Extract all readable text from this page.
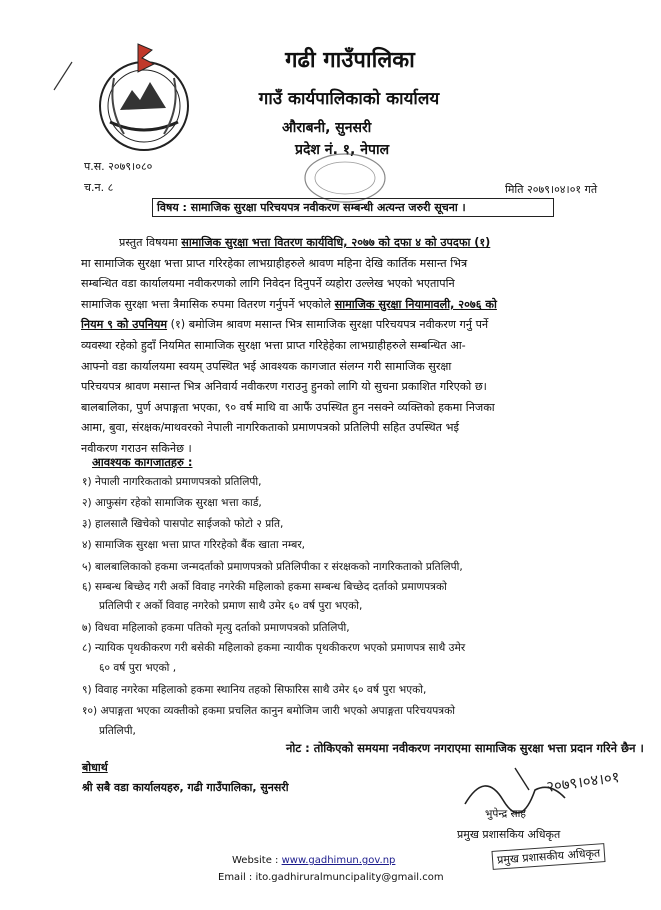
गढी गाउँपालिका
गाउँ कार्यपालिकाको कार्यालय
औराबनी, सुनसरी
प्रदेश नं. १, नेपाल
प.स. २०७९।०८०
च.न. ८	मिति २०७९।०४।०१ गते
विषय : सामाजिक सुरक्षा परिचयपत्र नवीकरण सम्बन्धी अत्यन्त जरुरी सूचना ।
प्रस्तुत विषयमा सामाजिक सुरक्षा भत्ता वितरण कार्यविधि, २०७७ को दफा ४ को उपदफा (१)
मा सामाजिक सुरक्षा भत्ता प्राप्त गरिरहेका लाभग्राहीहरुले श्रावण महिना देखि कार्तिक मसान्त भित्र
सम्बन्धित वडा कार्यालयमा नवीकरणको लागि निवेदन दिनुपर्ने व्यहोरा उल्लेख भएको भएतापनि
सामाजिक सुरक्षा भत्ता त्रैमासिक रुपमा वितरण गर्नुपर्ने भएकोले सामाजिक सुरक्षा नियामावली, २०७६ को
नियम ९ को उपनियम (१) बमोजिम श्रावण मसान्त भित्र सामाजिक सुरक्षा परिचयपत्र नवीकरण गर्नु पर्ने
व्यवस्था रहेको हुदाँ नियमित सामाजिक सुरक्षा भत्ता प्राप्त गरिहेहेका लाभग्राहीहरुले सम्बन्धित आ-
आफ्नो वडा कार्यालयमा स्वयम् उपस्थित भई आवश्यक कागजात संलग्न गरी सामाजिक सुरक्षा
परिचयपत्र श्रावण मसान्त भित्र अनिवार्य नवीकरण गराउनु हुनको लागि यो सुचना प्रकाशित गरिएको छ।
बालबालिका, पुर्ण अपाङ्गता भएका, ९० वर्ष माथि वा आफैं उपस्थित हुन नसक्ने व्यक्तिको हकमा निजका
आमा, बुवा, संरक्षक/माथवरको नेपाली नागरिकताको प्रमाणपत्रको प्रतिलिपी सहित उपस्थित भई
नवीकरण गराउन सकिनेछ ।
आवश्यक कागजातहरु :
१) नेपाली नागरिकताको प्रमाणपत्रको प्रतिलिपी,
२) आफुसंग रहेको सामाजिक सुरक्षा भत्ता कार्ड,
३) हालसालै खिचेको पासपोट साईजको फोटो २ प्रति,
४) सामाजिक सुरक्षा भत्ता प्राप्त गरिरहेको बैंक खाता नम्बर,
५) बालबालिकाको हकमा जन्मदर्ताको प्रमाणपत्रको प्रतिलिपीका र संरक्षकको नागरिकताको प्रतिलिपी,
६) सम्बन्ध बिच्छेद गरी अर्को विवाह नगरेकी महिलाको हकमा सम्बन्ध बिच्छेद दर्ताको प्रमाणपत्रको
प्रतिलिपी र अर्को विवाह नगरेको प्रमाण साथै उमेर ६० वर्ष पुरा भएको,
७) विधवा महिलाको हकमा पतिको मृत्यु दर्ताको प्रमाणपत्रको प्रतिलिपी,
८) न्यायिक पृथकीकरण गरी बसेकी महिलाको हकमा न्यायीक पृथकीकरण भएको प्रमाणपत्र साथै उमेर
६० वर्ष पुरा भएको ,
९) विवाह नगरेका महिलाको हकमा स्थानिय तहको सिफारिस साथै उमेर ६० वर्ष पुरा भएको,
१०) अपाङ्गता भएका व्यक्तीको हकमा प्रचलित कानुन बमोजिम जारी भएको अपाङ्गता परिचयपत्रको
प्रतिलिपी,
नोट : तोकिएको समयमा नवीकरण नगराएमा सामाजिक सुरक्षा भत्ता प्रदान गरिने छैन ।
बोधार्थ
श्री सबै वडा कार्यालयहरु, गढी गाउँपालिका, सुनसरी	२०७९।०४।०१
भुपेन्द्र साह
प्रमुख प्रशासकिय अधिकृत
प्रमुख प्रशासकीय अधिकृत
Website : www.gadhimun.gov.np
Email : ito.gadhiruralmuncipality@gmail.com
